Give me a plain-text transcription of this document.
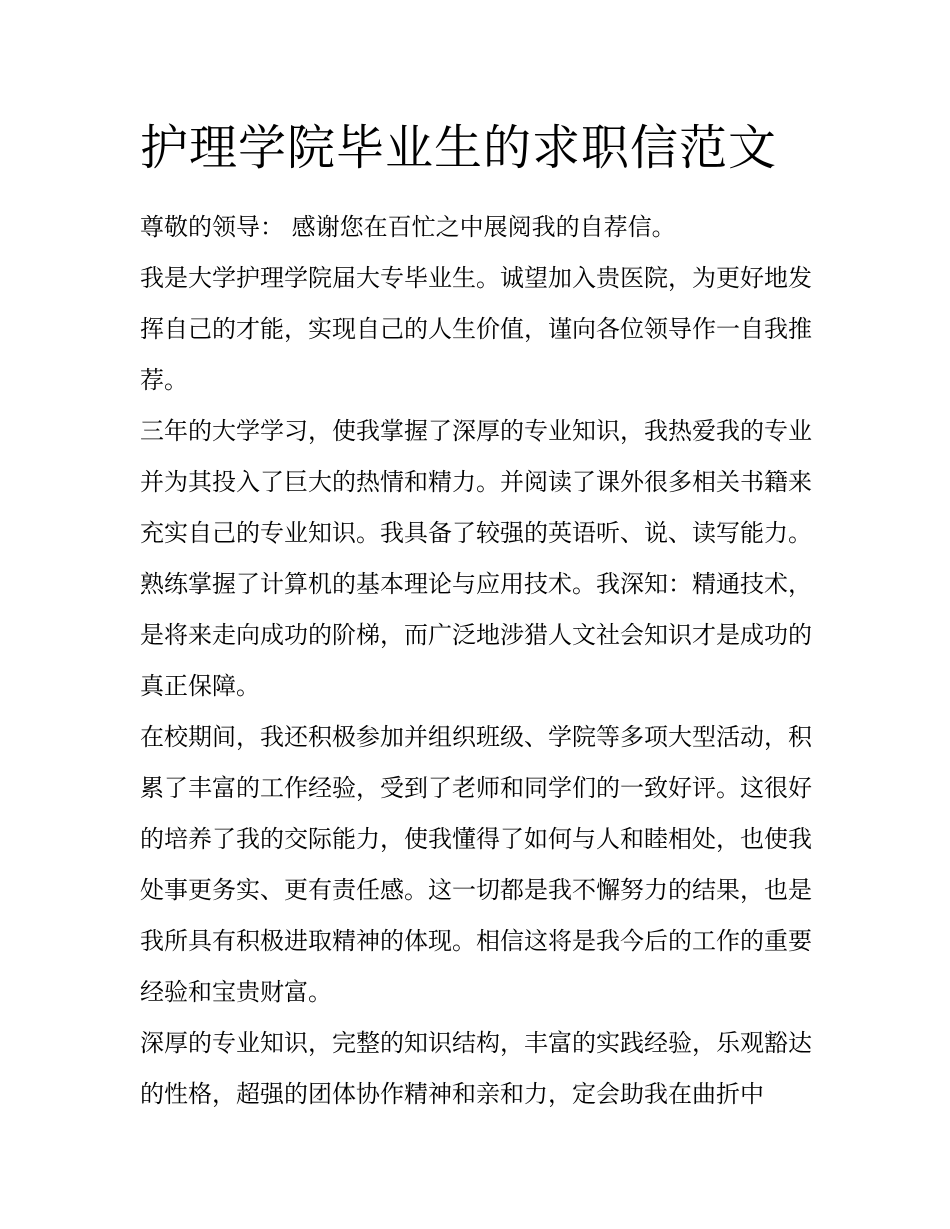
护理学院毕业生的求职信范文

尊敬的领导： 感谢您在百忙之中展阅我的自荐信。

我是大学护理学院届大专毕业生。诚望加入贵医院，为更好地发挥自己的才能，实现自己的人生价值，谨向各位领导作一自我推荐。

三年的大学学习，使我掌握了深厚的专业知识，我热爱我的专业并为其投入了巨大的热情和精力。并阅读了课外很多相关书籍来充实自己的专业知识。我具备了较强的英语听、说、读写能力。熟练掌握了计算机的基本理论与应用技术。我深知：精通技术，是将来走向成功的阶梯，而广泛地涉猎人文社会知识才是成功的真正保障。

在校期间，我还积极参加并组织班级、学院等多项大型活动，积累了丰富的工作经验，受到了老师和同学们的一致好评。这很好的培养了我的交际能力，使我懂得了如何与人和睦相处，也使我处事更务实、更有责任感。这一切都是我不懈努力的结果，也是我所具有积极进取精神的体现。相信这将是我今后的工作的重要经验和宝贵财富。

深厚的专业知识，完整的知识结构，丰富的实践经验，乐观豁达的性格，超强的团体协作精神和亲和力，定会助我在曲折中
